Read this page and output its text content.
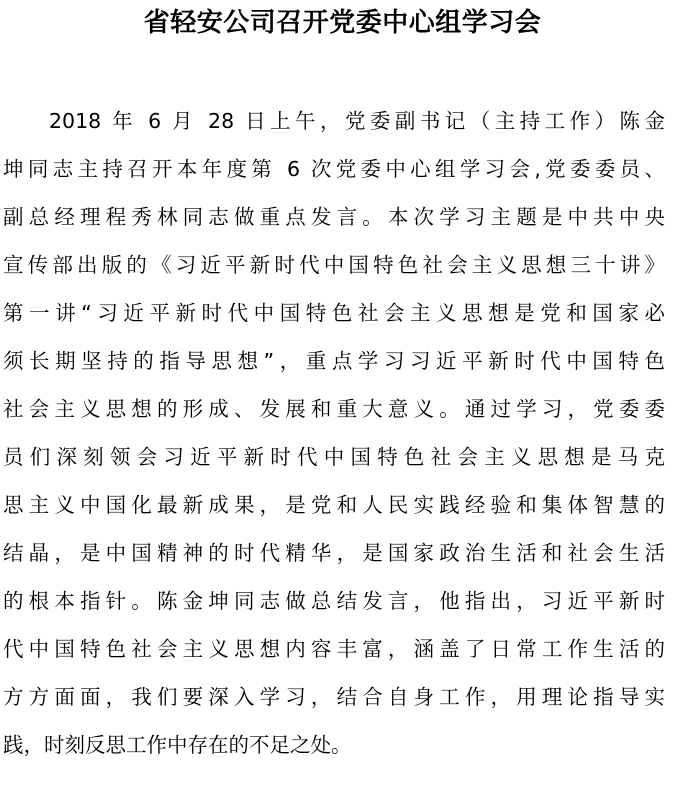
省轻安公司召开党委中心组学习会
2018 年 6 月 28 日上午，党委副书记（主持工作）陈金
坤同志主持召开本年度第 6 次党委中心组学习会,党委委员、
副总经理程秀林同志做重点发言。本次学习主题是中共中央
宣传部出版的《习近平新时代中国特色社会主义思想三十讲》
第一讲“习近平新时代中国特色社会主义思想是党和国家必
须长期坚持的指导思想”，重点学习习近平新时代中国特色
社会主义思想的形成、发展和重大意义。通过学习，党委委
员们深刻领会习近平新时代中国特色社会主义思想是马克
思主义中国化最新成果，是党和人民实践经验和集体智慧的
结晶，是中国精神的时代精华，是国家政治生活和社会生活
的根本指针。陈金坤同志做总结发言，他指出，习近平新时
代中国特色社会主义思想内容丰富，涵盖了日常工作生活的
方方面面，我们要深入学习，结合自身工作，用理论指导实
践，时刻反思工作中存在的不足之处。
